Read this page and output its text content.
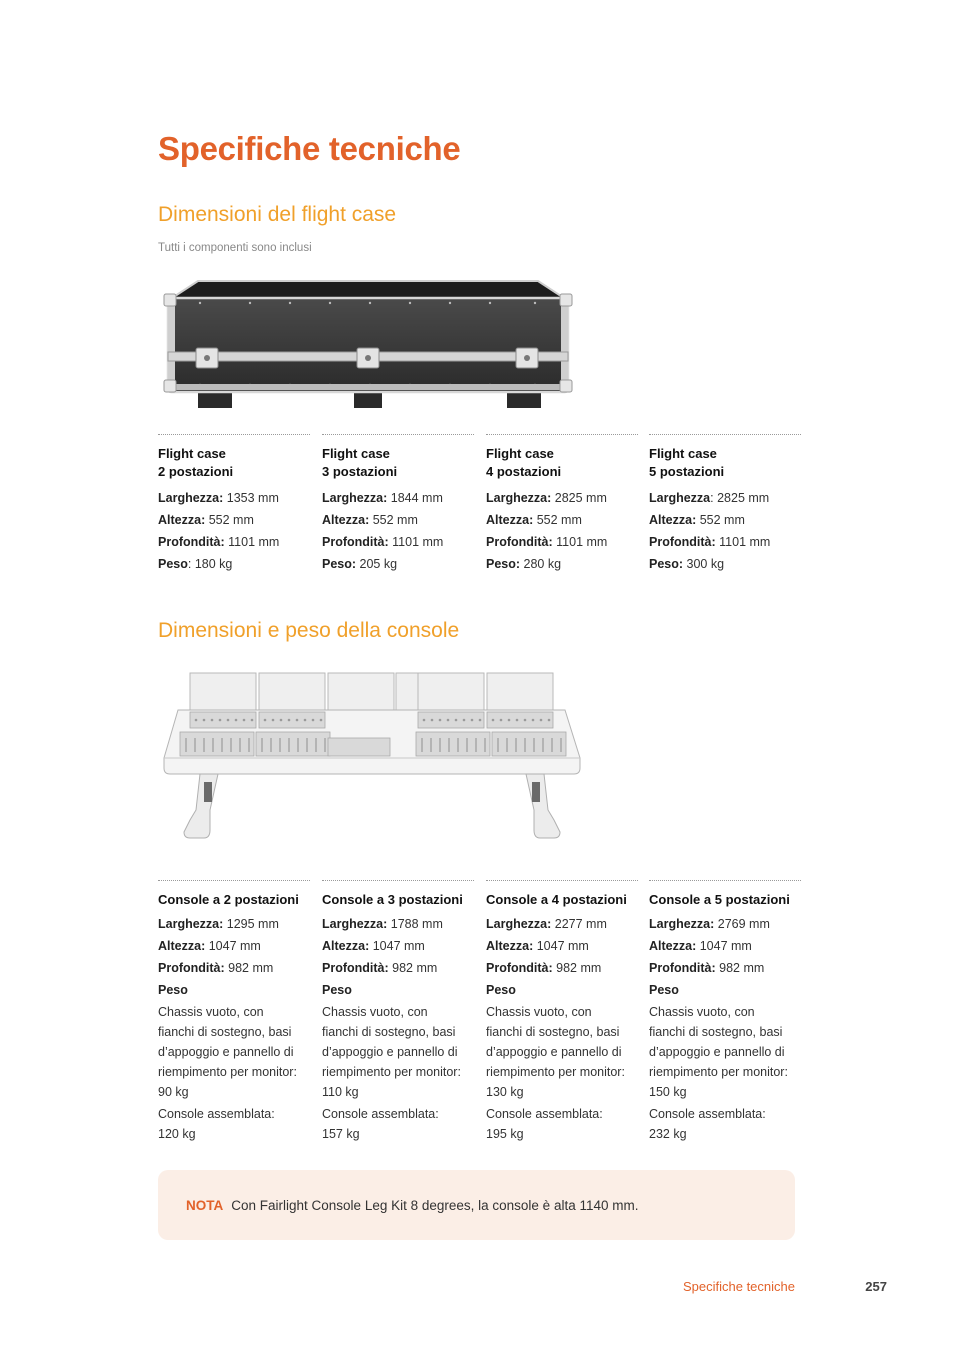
Specifiche tecniche
Dimensioni del flight case
Tutti i componenti sono inclusi
Flight case
2 postazioni
Larghezza: 1353 mm
Altezza: 552 mm
Profondità: 1101 mm
Peso: 180 kg
Flight case
3 postazioni
Larghezza: 1844 mm
Altezza: 552 mm
Profondità: 1101 mm
Peso: 205 kg
Flight case
4 postazioni
Larghezza: 2825 mm
Altezza: 552 mm
Profondità: 1101 mm
Peso: 280 kg
Flight case
5 postazioni
Larghezza: 2825 mm
Altezza: 552 mm
Profondità: 1101 mm
Peso: 300 kg
Dimensioni e peso della console
Console a 2 postazioni
Larghezza: 1295 mm
Altezza: 1047 mm
Profondità: 982 mm
Peso
Chassis vuoto, con
fianchi di sostegno, basi
d’appoggio e pannello di
riempimento per monitor:
90 kg
Console assemblata:
120 kg
Console a 3 postazioni
Larghezza: 1788 mm
Altezza: 1047 mm
Profondità: 982 mm
Peso
Chassis vuoto, con
fianchi di sostegno, basi
d’appoggio e pannello di
riempimento per monitor:
110 kg
Console assemblata:
157 kg
Console a 4 postazioni
Larghezza: 2277 mm
Altezza: 1047 mm
Profondità: 982 mm
Peso
Chassis vuoto, con
fianchi di sostegno, basi
d’appoggio e pannello di
riempimento per monitor:
130 kg
Console assemblata:
195 kg
Console a 5 postazioni
Larghezza: 2769 mm
Altezza: 1047 mm
Profondità: 982 mm
Peso
Chassis vuoto, con
fianchi di sostegno, basi
d’appoggio e pannello di
riempimento per monitor:
150 kg
Console assemblata:
232 kg
NOTA Con Fairlight Console Leg Kit 8 degrees, la console è alta 1140 mm.
Specifiche tecniche	257
